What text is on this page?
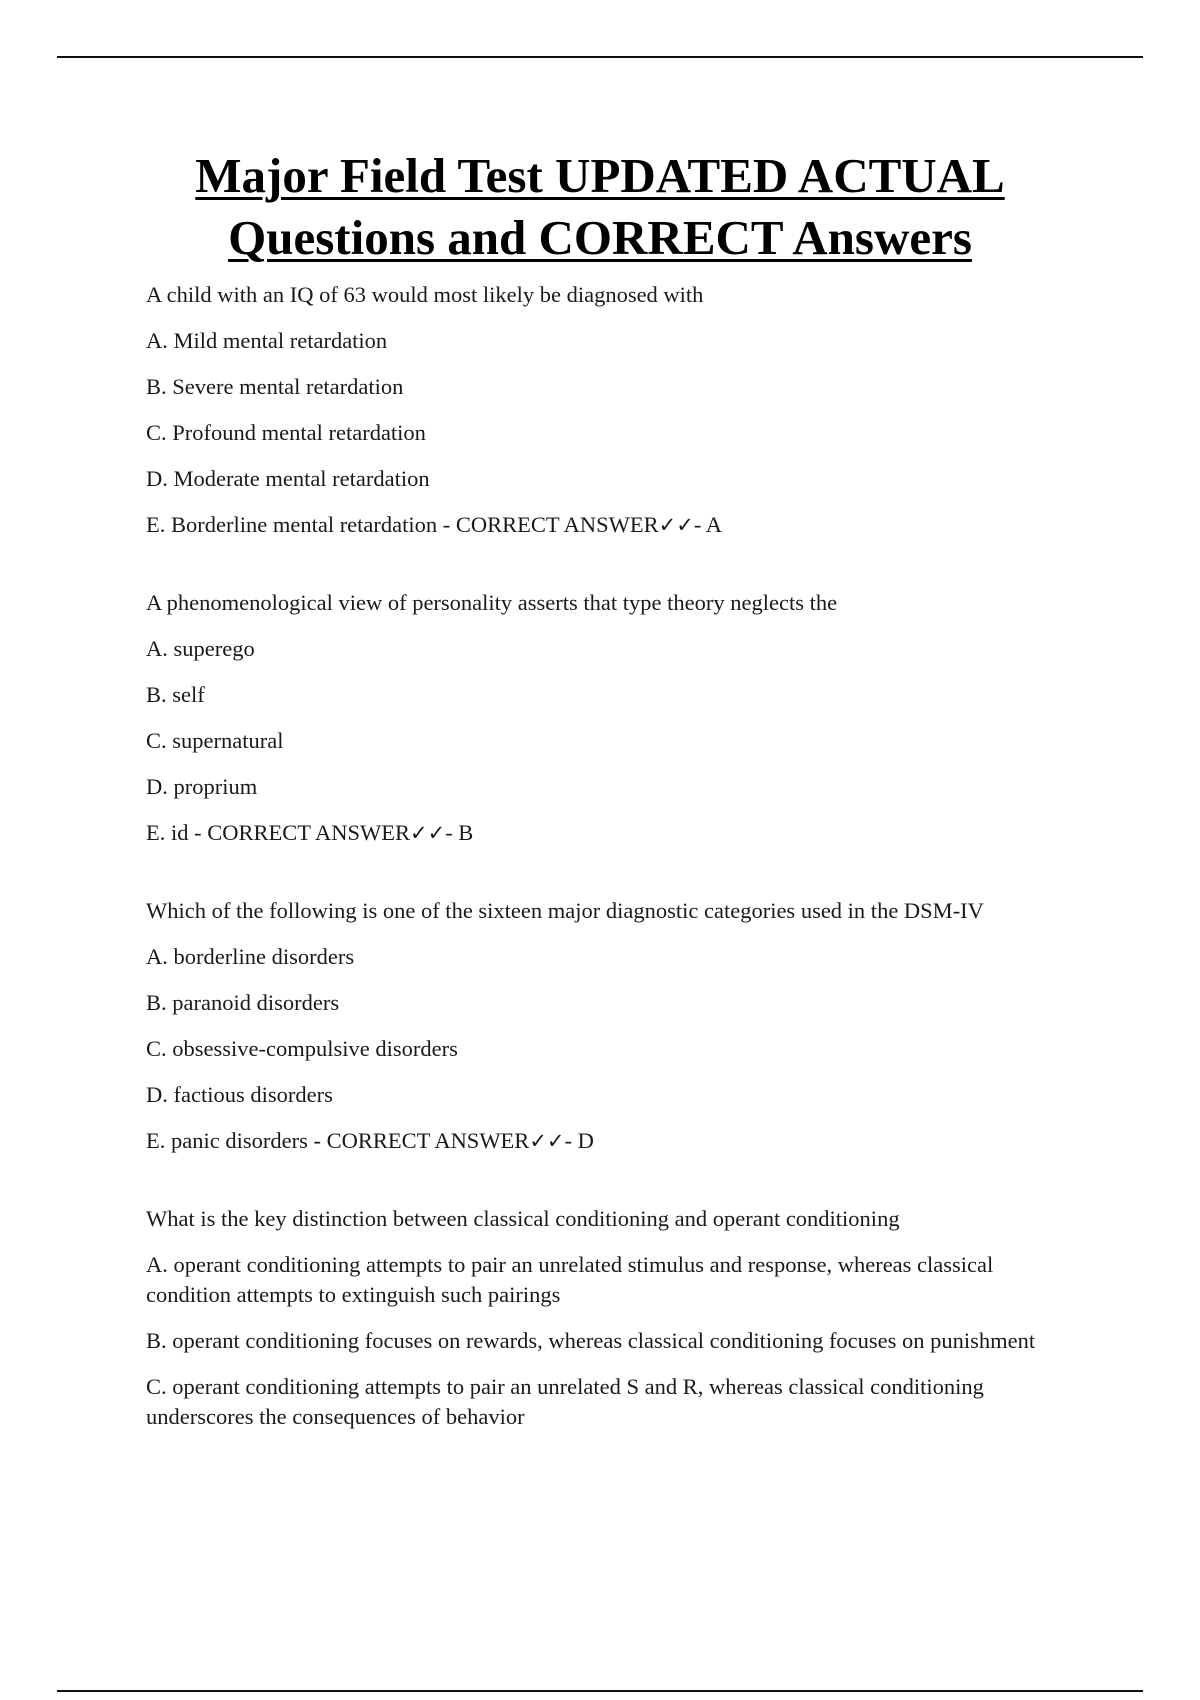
Major Field Test UPDATED ACTUAL
Questions and CORRECT Answers

A child with an IQ of 63 would most likely be diagnosed with

A. Mild mental retardation

B. Severe mental retardation

C. Profound mental retardation

D. Moderate mental retardation

E. Borderline mental retardation - CORRECT ANSWER✓✓- A

A phenomenological view of personality asserts that type theory neglects the

A. superego

B. self

C. supernatural

D. proprium

E. id - CORRECT ANSWER✓✓- B

Which of the following is one of the sixteen major diagnostic categories used in the DSM-IV

A. borderline disorders

B. paranoid disorders

C. obsessive-compulsive disorders

D. factious disorders

E. panic disorders - CORRECT ANSWER✓✓- D

What is the key distinction between classical conditioning and operant conditioning

A. operant conditioning attempts to pair an unrelated stimulus and response, whereas classical condition attempts to extinguish such pairings

B. operant conditioning focuses on rewards, whereas classical conditioning focuses on punishment

C. operant conditioning attempts to pair an unrelated S and R, whereas classical conditioning underscores the consequences of behavior
